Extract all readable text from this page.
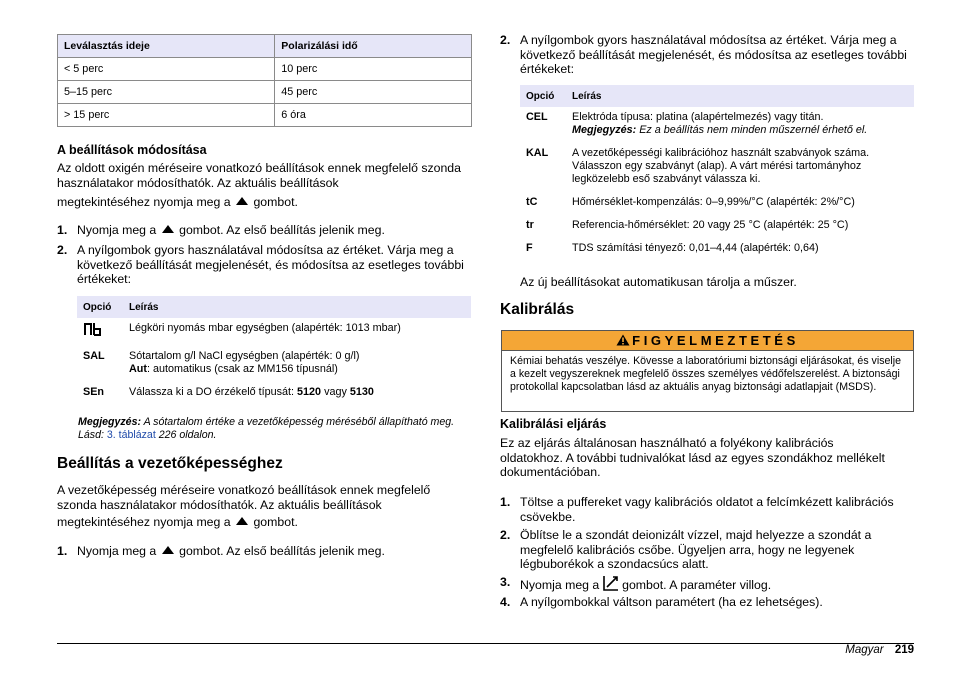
Leválasztás ideje	Polarizálási idő
< 5 perc	10 perc
5–15 perc	45 perc
> 15 perc	6 óra
A beállítások módosítása

Az oldott oxigén méréseire vonatkozó beállítások ennek megfelelő szonda használatakor módosíthatók. Az aktuális beállítások

megtekintéséhez nyomja meg a gombot.

1. Nyomja meg a gombot. Az első beállítás jelenik meg.
2. A nyílgombok gyors használatával módosítsa az értéket. Várja meg a következő beállítását megjelenését, és módosítsa az esetleges további értékeket:
Opció	Leírás
	Légköri nyomás mbar egységben (alapérték: 1013 mbar)
SAL	Sótartalom g/l NaCl egységben (alapérték: 0 g/l)
Aut: automatikus (csak az MM156 típusnál)
SEn	Válassza ki a DO érzékelő típusát: 5120 vagy 5130

Megjegyzés: A sótartalom értéke a vezetőképesség méréséből állapítható meg. Lásd: 3. táblázat 226 oldalon.

Beállítás a vezetőképességhez

A vezetőképesség méréseire vonatkozó beállítások ennek megfelelő szonda használatakor módosíthatók. Az aktuális beállítások

megtekintéséhez nyomja meg a gombot.

1. Nyomja meg a gombot. Az első beállítás jelenik meg.
2. A nyílgombok gyors használatával módosítsa az értéket. Várja meg a következő beállítását megjelenését, és módosítsa az esetleges további értékeket:
Opció	Leírás
CEL	Elektróda típusa: platina (alapértelmezés) vagy titán.
Megjegyzés: Ez a beállítás nem minden műszernél érhető el.
KAL	A vezetőképességi kalibrációhoz használt szabványok száma. Válasszon egy szabványt (alap). A várt mérési tartományhoz legközelebb eső szabványt válassza ki.
tC	Hőmérséklet-kompenzálás: 0–9,99%/°C (alapérték: 2%/°C)
tr	Referencia-hőmérséklet: 20 vagy 25 °C (alapérték: 25 °C)
F	TDS számítási tényező: 0,01–4,44 (alapérték: 0,64)

Az új beállításokat automatikusan tárolja a műszer.

Kalibrálás
FIGYELMEZTETÉS
Kémiai behatás veszélye. Kövesse a laboratóriumi biztonsági eljárásokat, és viselje a kezelt vegyszereknek megfelelő összes személyes védőfelszerelést. A biztonsági protokollal kapcsolatban lásd az aktuális anyag biztonsági adatlapjait (MSDS).
Kalibrálási eljárás

Ez az eljárás általánosan használható a folyékony kalibrációs oldatokhoz. A további tudnivalókat lásd az egyes szondákhoz mellékelt dokumentációban.

1. Töltse a puffereket vagy kalibrációs oldatot a felcímkézett kalibrációs csövekbe.
2. Öblítse le a szondát deionizált vízzel, majd helyezze a szondát a megfelelő kalibrációs csőbe. Ügyeljen arra, hogy ne legyenek légbuborékok a szondacsúcs alatt.
3. Nyomja meg a gombot. A paraméter villog.
4. A nyílgombokkal váltson paramétert (ha ez lehetséges).
Magyar 219
